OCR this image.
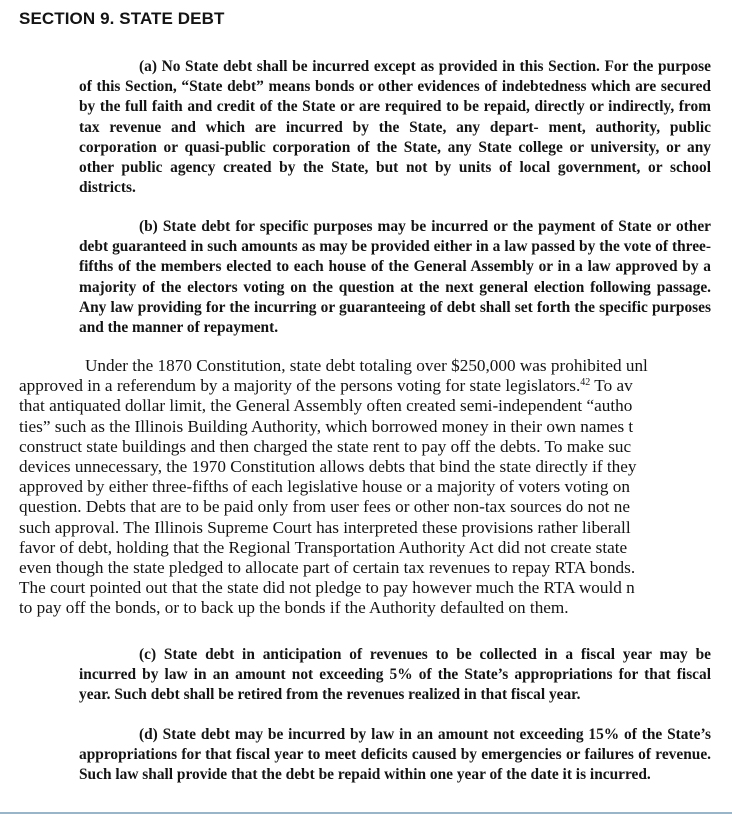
SECTION 9. STATE DEBT

(a) No State debt shall be incurred except as provided in this Section. For the purpose of this Section, “State debt” means bonds or other evidences of indebtedness which are secured by the full faith and credit of the State or are required to be repaid, directly or indirectly, from tax revenue and which are incurred by the State, any depart- ment, authority, public corporation or quasi-public corporation of the State, any State college or university, or any other public agency created by the State, but not by units of local government, or school districts.

(b) State debt for specific purposes may be incurred or the payment of State or other debt guaranteed in such amounts as may be provided either in a law passed by the vote of three-fifths of the members elected to each house of the General Assembly or in a law approved by a majority of the electors voting on the question at the next general election following passage. Any law providing for the incurring or guaranteeing of debt shall set forth the specific purposes and the manner of repayment.

Under the 1870 Constitution, state debt totaling over $250,000 was prohibited unl
approved in a referendum by a majority of the persons voting for state legislators.$^{42}$ To av
that antiquated dollar limit, the General Assembly often created semi-independent “autho
ties” such as the Illinois Building Authority, which borrowed money in their own names t
construct state buildings and then charged the state rent to pay off the debts. To make suc
devices unnecessary, the 1970 Constitution allows debts that bind the state directly if they
approved by either three-fifths of each legislative house or a majority of voters voting on
question. Debts that are to be paid only from user fees or other non-tax sources do not ne
such approval. The Illinois Supreme Court has interpreted these provisions rather liberall
favor of debt, holding that the Regional Transportation Authority Act did not create state
even though the state pledged to allocate part of certain tax revenues to repay RTA bonds.
The court pointed out that the state did not pledge to pay however much the RTA would n
to pay off the bonds, or to back up the bonds if the Authority defaulted on them.

(c) State debt in anticipation of revenues to be collected in a fiscal year may be incurred by law in an amount not exceeding 5% of the State’s appropriations for that fiscal year. Such debt shall be retired from the revenues realized in that fiscal year.

(d) State debt may be incurred by law in an amount not exceeding 15% of the State’s appropriations for that fiscal year to meet deficits caused by emergencies or failures of revenue. Such law shall provide that the debt be repaid within one year of the date it is incurred.
